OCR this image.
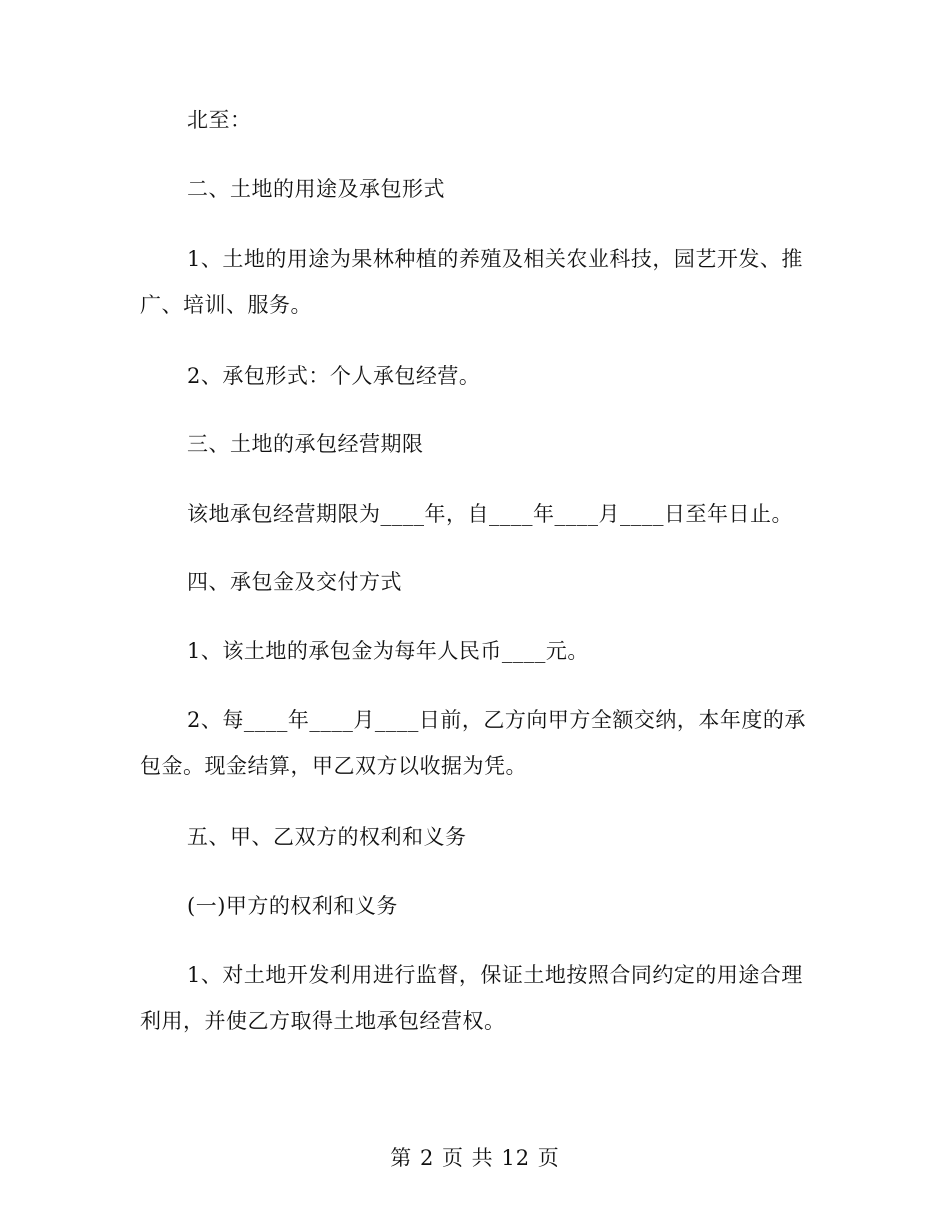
北至：

二、土地的用途及承包形式

1、土地的用途为果林种植的养殖及相关农业科技，园艺开发、推广、培训、服务。

2、承包形式：个人承包经营。

三、土地的承包经营期限

该地承包经营期限为____年，自____年____月____日至年日止。

四、承包金及交付方式

1、该土地的承包金为每年人民币____元。

2、每____年____月____日前，乙方向甲方全额交纳，本年度的承包金。现金结算，甲乙双方以收据为凭。

五、甲、乙双方的权利和义务

(一)甲方的权利和义务

1、对土地开发利用进行监督，保证土地按照合同约定的用途合理利用，并使乙方取得土地承包经营权。

第 2 页 共 12 页
